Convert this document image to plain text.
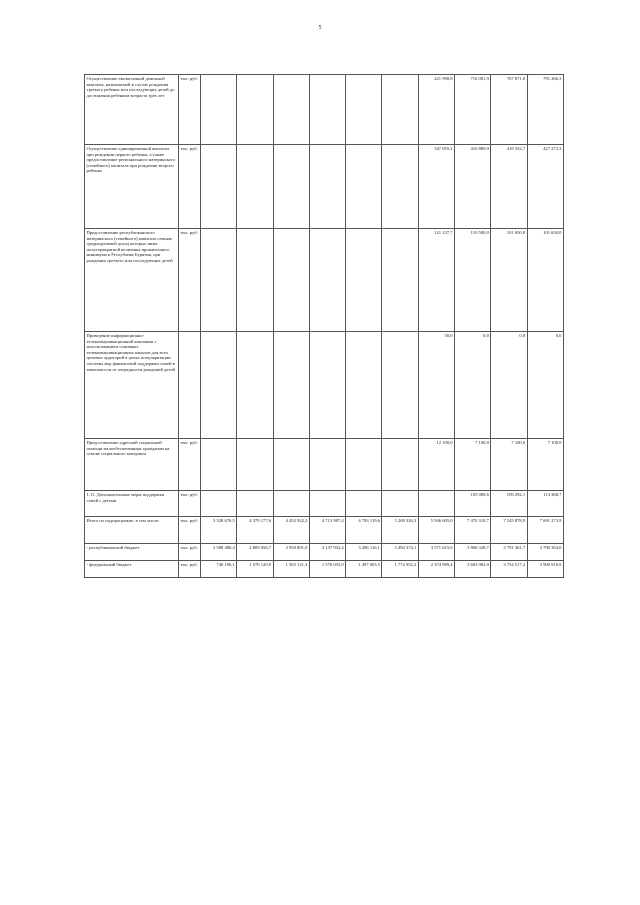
5
Осуществление ежемесячной денежной выплаты, назначаемой в случае рождения третьего ребенка или последующих детей до достижения ребенком возраста трех лет	тыс. руб.							221 990,8	716 081,9	767 871,0	791 266,3
Осуществление единовременной выплаты при рождении первого ребенка, а также предоставление регионального материнского (семейного) капитала при рождении второго ребенка	тыс. руб.							347 055,2	416 889,9	418 332,7	427 273,3
Предоставление республиканского материнского (семейного) капитала семьям, среднедушевой доход которых ниже полуторакратной величины прожиточного минимума в Республике Бурятия, при рождении третьего или последующих детей	тыс. руб.							121 137,7	110 500,0	101 650,0	101 650,0
Проведение информационно-телекоммуникационной кампании с использованием основных телекоммуникационных каналов для всех целевых аудиторий в целях популяризации системы мер финансовой поддержки семей в зависимости от очередности рождений детей								50,0	0,0	0,0	0,0
Предоставление адресной социальной помощи малообеспеченным гражданам на основе социального контракта	тыс. руб.							12 100,0	7 100,0	7 100,0	7 100,0
1.11. Дополнительные меры поддержки семей с детьми	тыс. руб.								105 088,6	109 292,1	113 368,7
Итого по подпрограмме, в том числе:	тыс. руб.	3 328 676,5	4 379 177,6	4 452 922,3	4 713 987,4	4 783 119,6	5 269 326,3	5 946 605,0	7 470 310,7	7 545 878,9	7 691 273,9
- республиканский бюджет	тыс. руб.	2 588 480,4	2 809 056,7	2 950 801,0	3 137 932,4	3 286 116,1	3 494 374,1	3 571 615,6	3 866 328,7	3 791 361,7	3 790 363,0
- федеральный бюджет	тыс. руб.	740 196,1	1 570 120,9	1 502 121,3	1 576 055,0	1 497 003,5	1 774 952,2	2 374 989,4	3 603 982,0	3 754 517,2	3 900 910,9
